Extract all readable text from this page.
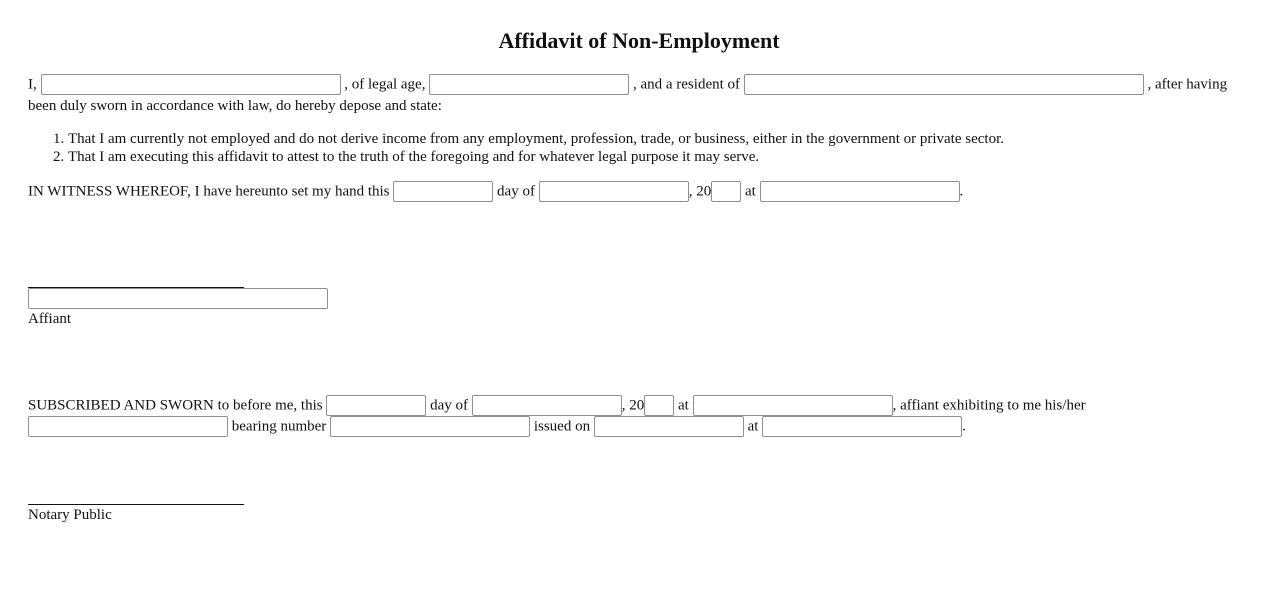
Affidavit of Non-Employment
I,	, of legal age,	, and a resident of	, after having
been duly sworn in accordance with law, do hereby depose and state:
1. That I am currently not employed and do not derive income from any employment, profession, trade, or business, either in the government or private sector.
2. That I am executing this affidavit to attest to the truth of the foregoing and for whatever legal purpose it may serve.
IN WITNESS WHEREOF, I have hereunto set my hand this	day of	, 20 at	.
Affiant
SUBSCRIBED AND SWORN to before me, this	day of	, 20 at	, affiant exhibiting to me his/her
bearing number	issued on	at	.
Notary Public
